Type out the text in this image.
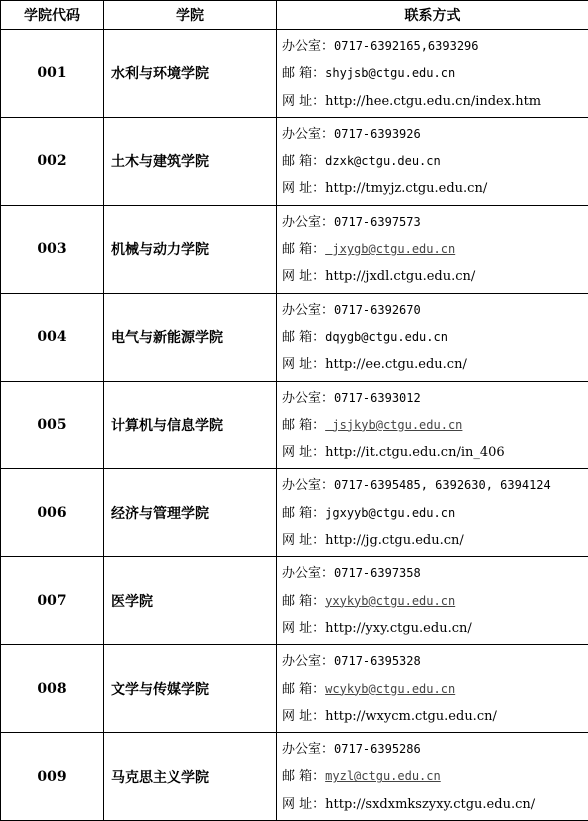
学院代码	学院	联系方式
001	水利与环境学院	办公室：0717-6392165,6393296
邮 箱：shyjsb@ctgu.edu.cn
网 址：http://hee.ctgu.edu.cn/index.htm

002	土木与建筑学院	办公室：0717-6393926
邮 箱：dzxk@ctgu.deu.cn
网 址：http://tmyjz.ctgu.edu.cn/

003	机械与动力学院	办公室：0717-6397573
邮 箱： jxygb@ctgu.edu.cn
网 址：http://jxdl.ctgu.edu.cn/

004	电气与新能源学院	办公室：0717-6392670
邮 箱：dqygb@ctgu.edu.cn
网 址：http://ee.ctgu.edu.cn/

005	计算机与信息学院	办公室：0717-6393012
邮 箱： jsjkyb@ctgu.edu.cn
网 址：http://it.ctgu.edu.cn/in_406

006	经济与管理学院	办公室：0717-6395485, 6392630, 6394124
邮 箱：jgxyyb@ctgu.edu.cn
网 址：http://jg.ctgu.edu.cn/

007	医学院	办公室：0717-6397358
邮 箱：yxykyb@ctgu.edu.cn
网 址：http://yxy.ctgu.edu.cn/

008	文学与传媒学院	办公室：0717-6395328
邮 箱：wcykyb@ctgu.edu.cn
网 址：http://wxycm.ctgu.edu.cn/

009	马克思主义学院	办公室：0717-6395286
邮 箱：myzl@ctgu.edu.cn
网 址：http://sxdxmkszyxy.ctgu.edu.cn/
